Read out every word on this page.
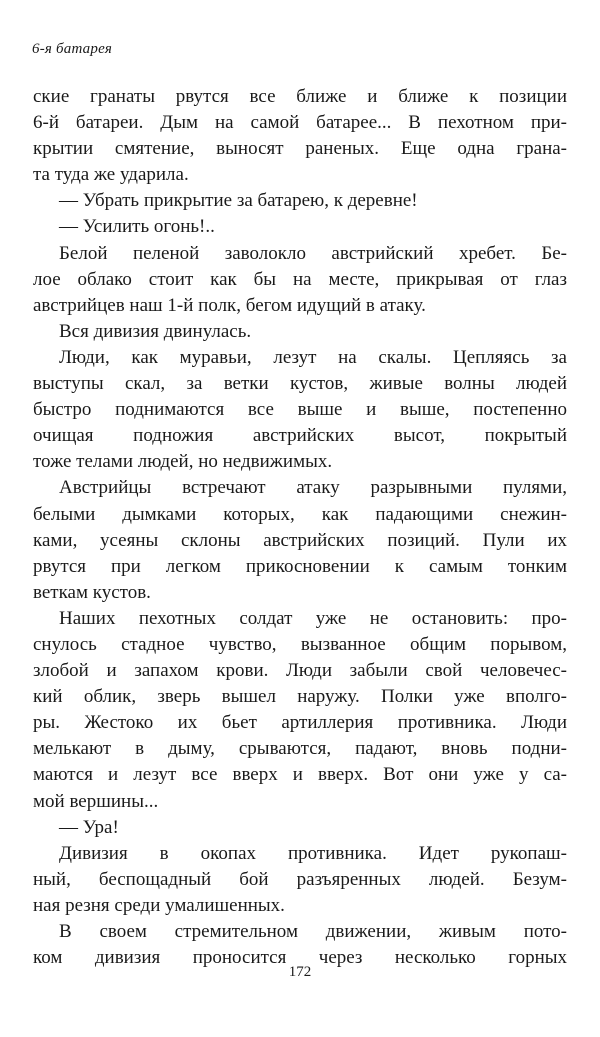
6-я батарея
ские гранаты рвутся все ближе и ближе к позиции
6-й батареи. Дым на самой батарее... В пехотном при-
крытии смятение, выносят раненых. Еще одна грана-
та туда же ударила.
— Убрать прикрытие за батарею, к деревне!
— Усилить огонь!..
Белой пеленой заволокло австрийский хребет. Бе-
лое облако стоит как бы на месте, прикрывая от глаз
австрийцев наш 1-й полк, бегом идущий в атаку.
Вся дивизия двинулась.
Люди, как муравьи, лезут на скалы. Цепляясь за
выступы скал, за ветки кустов, живые волны людей
быстро поднимаются все выше и выше, постепенно
очищая подножия австрийских высот, покрытый
тоже телами людей, но недвижимых.
Австрийцы встречают атаку разрывными пулями,
белыми дымками которых, как падающими снежин-
ками, усеяны склоны австрийских позиций. Пули их
рвутся при легком прикосновении к самым тонким
веткам кустов.
Наших пехотных солдат уже не остановить: про-
снулось стадное чувство, вызванное общим порывом,
злобой и запахом крови. Люди забыли свой человечес-
кий облик, зверь вышел наружу. Полки уже вполго-
ры. Жестоко их бьет артиллерия противника. Люди
мелькают в дыму, срываются, падают, вновь подни-
маются и лезут все вверх и вверх. Вот они уже у са-
мой вершины...
— Ура!
Дивизия в окопах противника. Идет рукопаш-
ный, беспощадный бой разъяренных людей. Безум-
ная резня среди умалишенных.
В своем стремительном движении, живым пото-
ком дивизия проносится через несколько горных
172
